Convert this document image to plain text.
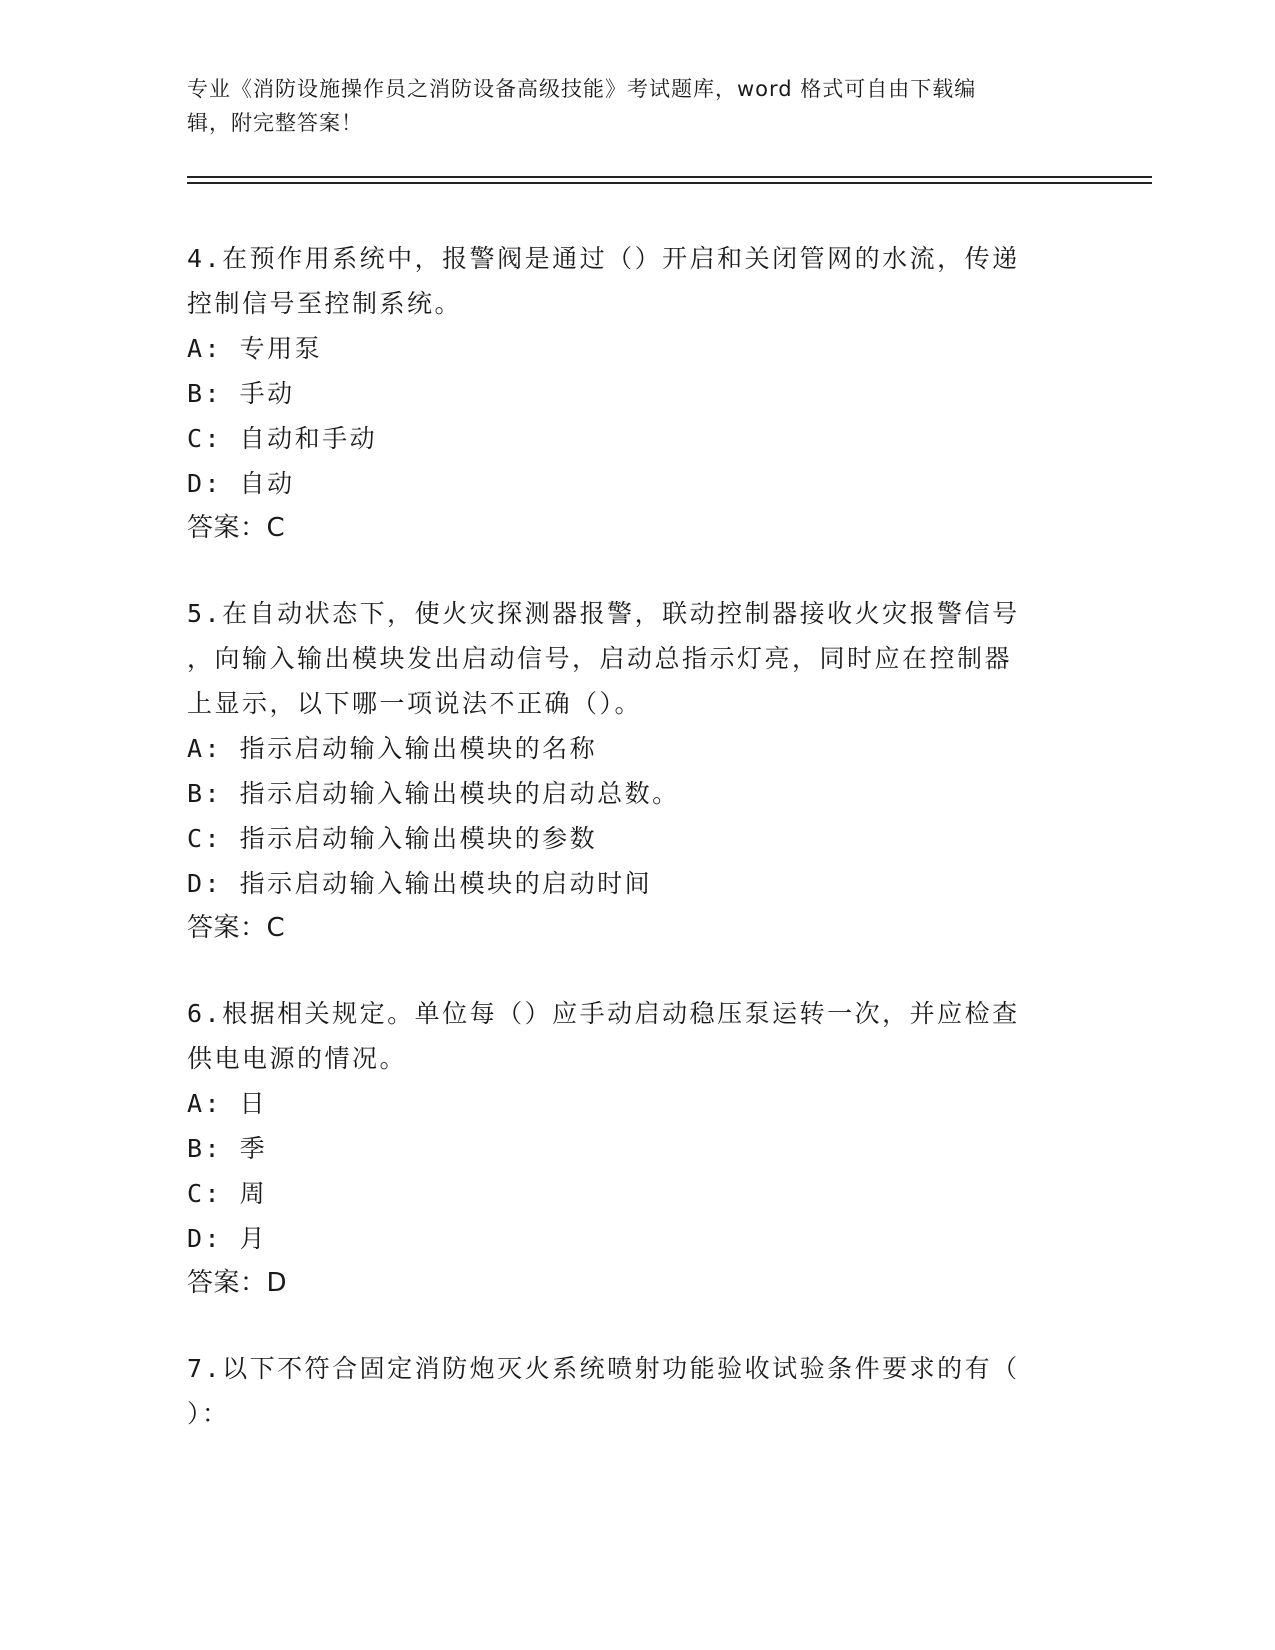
专业《消防设施操作员之消防设备高级技能》考试题库，word 格式可自由下载编
辑，附完整答案！
4.在预作用系统中，报警阀是通过（）开启和关闭管网的水流，传递
控制信号至控制系统。
A: 专用泵
B: 手动
C: 自动和手动
D: 自动
答案：C
5.在自动状态下，使火灾探测器报警，联动控制器接收火灾报警信号
，向输入输出模块发出启动信号，启动总指示灯亮，同时应在控制器
上显示，以下哪一项说法不正确（）。
A: 指示启动输入输出模块的名称
B: 指示启动输入输出模块的启动总数。
C: 指示启动输入输出模块的参数
D: 指示启动输入输出模块的启动时间
答案：C
6.根据相关规定。单位每（）应手动启动稳压泵运转一次，并应检查
供电电源的情况。
A: 日
B: 季
C: 周
D: 月
答案：D
7.以下不符合固定消防炮灭火系统喷射功能验收试验条件要求的有（
）：
